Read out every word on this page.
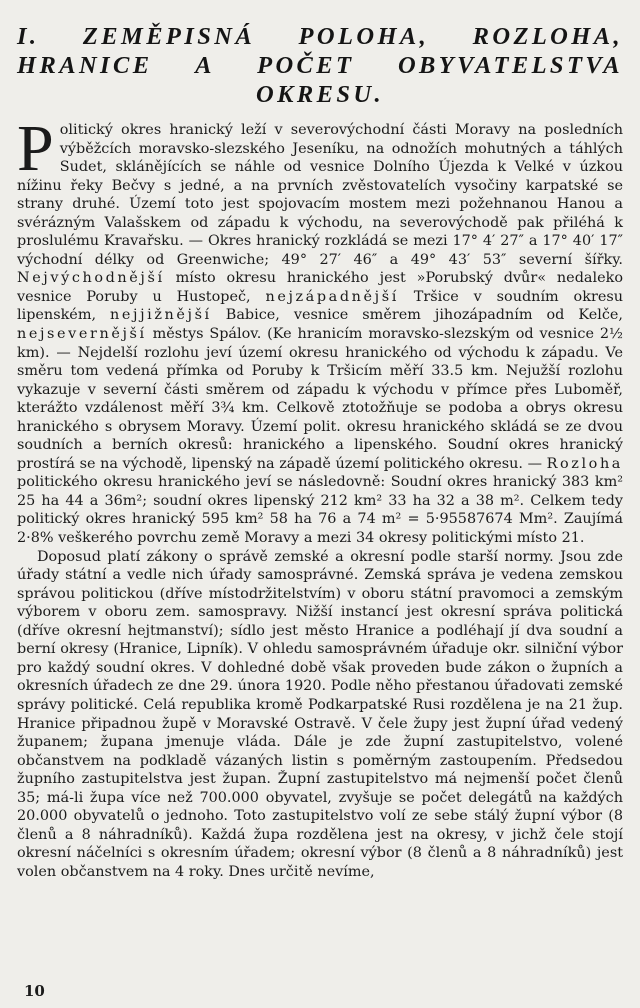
I. ZEMĚPISNÁ POLOHA, ROZLOHA, HRANICE A POČET OBYVATELSTVA OKRESU.

Politický okres hranický leží v severovýchodní části Moravy na posledních výběžcích moravsko-slezského Jeseníku, na odnožích mohutných a táhlých Sudet, sklánějících se náhle od vesnice Dolního Újezda k Velké v úzkou nížinu řeky Bečvy s jedné, a na prvních zvěstovatelích vysočiny karpatské se strany druhé. Území toto jest spojovacím mostem mezi požehnanou Hanou a svérázným Valašskem od západu k východu, na severovýchodě pak přiléhá k proslulému Kravařsku. — Okres hranický rozkládá se mezi 17° 4′ 27″ a 17° 40′ 17″ východní délky od Greenwiche; 49° 27′ 46″ a 49° 43′ 53″ severní šířky. Nejvýchodnější místo okresu hranického jest »Porubský dvůr« nedaleko vesnice Poruby u Hustopeč, nejzápadnější Tršice v soudním okresu lipenském, nejjižnější Babice, vesnice směrem jihozápadním od Kelče, nejsevernější městys Spálov. (Ke hranicím moravsko-slezským od vesnice 2½ km). — Nejdelší rozlohu jeví území okresu hranického od východu k západu. Ve směru tom vedená přímka od Poruby k Tršicím měří 33.5 km. Nejužší rozlohu vykazuje v severní části směrem od západu k východu v přímce přes Luboměř, kterážto vzdálenost měří 3¾ km. Celkově ztotožňuje se podoba a obrys okresu hranického s obrysem Moravy. Území polit. okresu hranického skládá se ze dvou soudních a berních okresů: hranického a lipenského. Soudní okres hranický prostírá se na východě, lipenský na západě území politického okresu. — Rozloha politického okresu hranického jeví se následovně: Soudní okres hranický 383 km² 25 ha 44 a 36m²; soudní okres lipenský 212 km² 33 ha 32 a 38 m². Celkem tedy politický okres hranický 595 km² 58 ha 76 a 74 m² = 5·95587674 Mm². Zaujímá 2·8% veškerého povrchu země Moravy a mezi 34 okresy politickými místo 21.

Doposud platí zákony o správě zemské a okresní podle starší normy. Jsou zde úřady státní a vedle nich úřady samosprávné. Zemská správa je vedena zemskou správou politickou (dříve místodržitelstvím) v oboru státní pravomoci a zemským výborem v oboru zem. samospravy. Nižší instancí jest okresní správa politická (dříve okresní hejtmanství); sídlo jest město Hranice a podléhají jí dva soudní a berní okresy (Hranice, Lipník). V ohledu samosprávném úřaduje okr. silniční výbor pro každý soudní okres. V dohledné době však proveden bude zákon o župních a okresních úřadech ze dne 29. února 1920. Podle něho přestanou úřadovati zemské správy politické. Celá republika kromě Podkarpatské Rusi rozdělena je na 21 žup. Hranice připadnou župě v Moravské Ostravě. V čele župy jest župní úřad vedený županem; župana jmenuje vláda. Dále je zde župní zastupitelstvo, volené občanstvem na podkladě vázaných listin s poměrným zastoupením. Předsedou župního zastupitelstva jest župan. Župní zastupitelstvo má nejmenší počet členů 35; má-li župa více než 700.000 obyvatel, zvyšuje se počet delegátů na každých 20.000 obyvatelů o jednoho. Toto zastupitelstvo volí ze sebe stálý župní výbor (8 členů a 8 náhradníků). Každá župa rozdělena jest na okresy, v jichž čele stojí okresní náčelníci s okresním úřadem; okresní výbor (8 členů a 8 náhradníků) jest volen občanstvem na 4 roky. Dnes určitě nevíme,

10
